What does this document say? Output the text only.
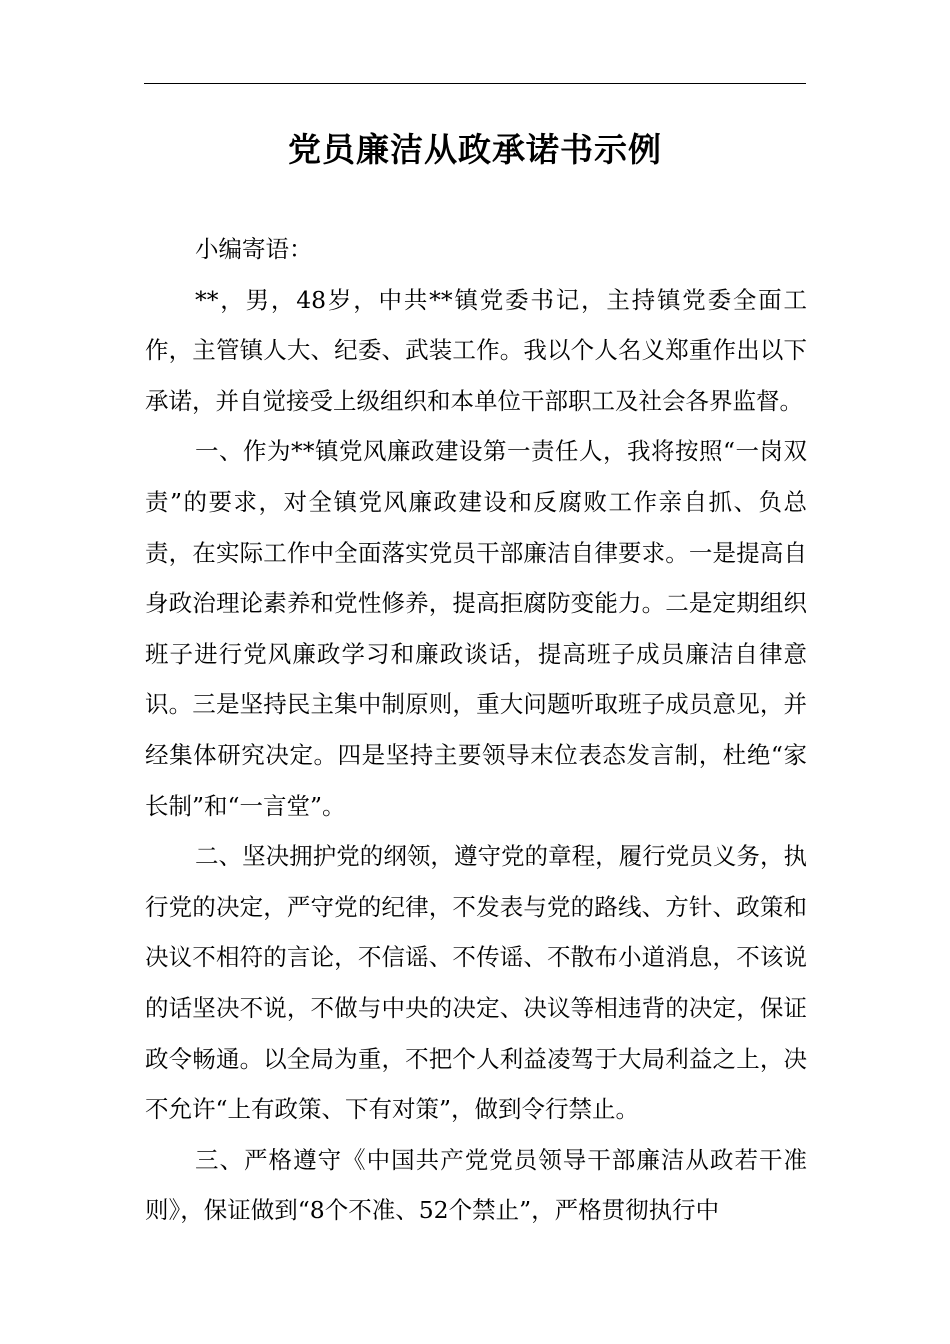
党员廉洁从政承诺书示例

小编寄语：

**，男，48岁，中共**镇党委书记，主持镇党委全面工作，主管镇人大、纪委、武装工作。我以个人名义郑重作出以下承诺，并自觉接受上级组织和本单位干部职工及社会各界监督。

一、作为**镇党风廉政建设第一责任人，我将按照“一岗双责”的要求，对全镇党风廉政建设和反腐败工作亲自抓、负总责，在实际工作中全面落实党员干部廉洁自律要求。一是提高自身政治理论素养和党性修养，提高拒腐防变能力。二是定期组织班子进行党风廉政学习和廉政谈话，提高班子成员廉洁自律意识。三是坚持民主集中制原则，重大问题听取班子成员意见，并经集体研究决定。四是坚持主要领导末位表态发言制，杜绝“家长制”和“一言堂”。

二、坚决拥护党的纲领，遵守党的章程，履行党员义务，执行党的决定，严守党的纪律，不发表与党的路线、方针、政策和决议不相符的言论，不信谣、不传谣、不散布小道消息，不该说的话坚决不说，不做与中央的决定、决议等相违背的决定，保证政令畅通。以全局为重，不把个人利益凌驾于大局利益之上，决不允许“上有政策、下有对策”，做到令行禁止。

三、严格遵守《中国共产党党员领导干部廉洁从政若干准则》，保证做到“8个不准、52个禁止”，严格贯彻执行中
